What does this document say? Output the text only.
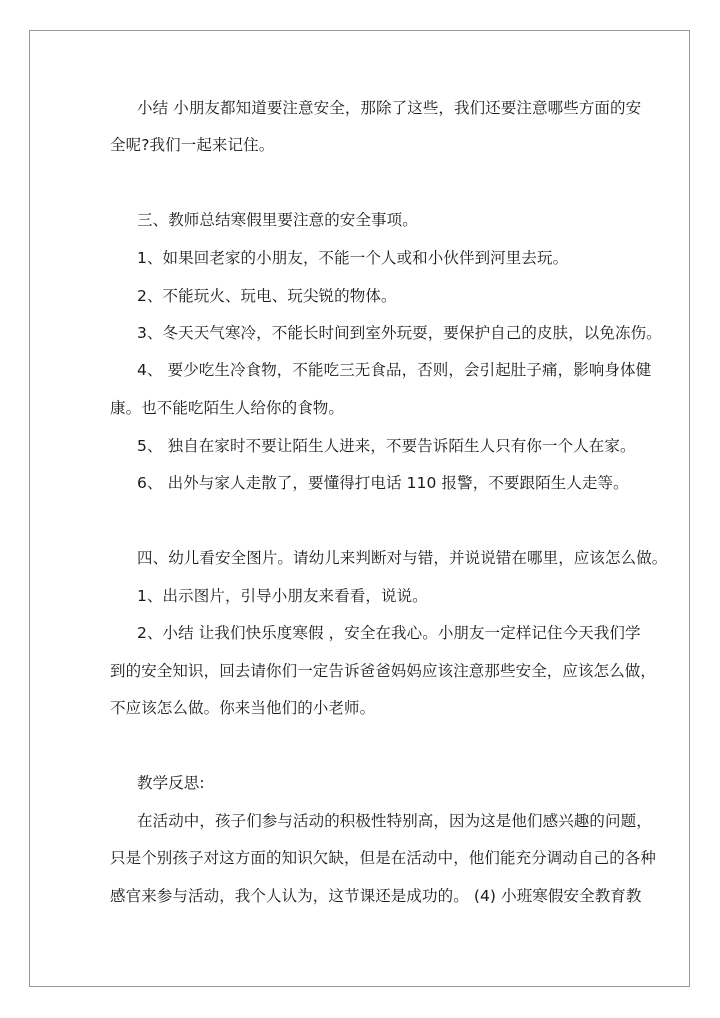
小结 小朋友都知道要注意安全，那除了这些，我们还要注意哪些方面的安
全呢?我们一起来记住。
三、教师总结寒假里要注意的安全事项。
1、如果回老家的小朋友，不能一个人或和小伙伴到河里去玩。
2、不能玩火、玩电、玩尖锐的物体。
3、冬天天气寒冷，不能长时间到室外玩耍，要保护自己的皮肤，以免冻伤。
4、 要少吃生冷食物，不能吃三无食品，否则，会引起肚子痛，影响身体健
康。也不能吃陌生人给你的食物。
5、 独自在家时不要让陌生人进来，不要告诉陌生人只有你一个人在家。
6、 出外与家人走散了，要懂得打电话 110 报警，不要跟陌生人走等。
四、幼儿看安全图片。请幼儿来判断对与错，并说说错在哪里，应该怎么做。
1、出示图片，引导小朋友来看看，说说。
2、小结 让我们快乐度寒假 ，安全在我心。小朋友一定样记住今天我们学
到的安全知识，回去请你们一定告诉爸爸妈妈应该注意那些安全，应该怎么做，
不应该怎么做。你来当他们的小老师。
教学反思:
在活动中，孩子们参与活动的积极性特别高，因为这是他们感兴趣的问题，
只是个别孩子对这方面的知识欠缺，但是在活动中，他们能充分调动自己的各种
感官来参与活动，我个人认为，这节课还是成功的。 (4) 小班寒假安全教育教
